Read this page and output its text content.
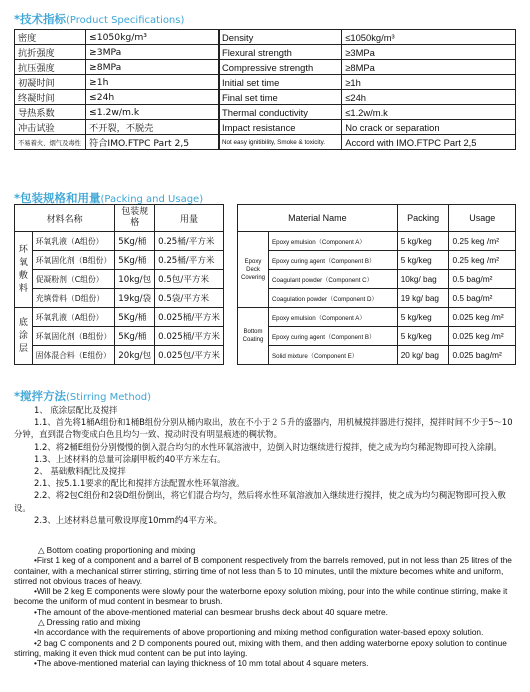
*技术指标(Product Specifications)
密度	≤1050kg/m³
抗折强度	≥3MPa
抗压强度	≥8MPa
初凝时间	≥1h
终凝时间	≤24h
导热系数	≤1.2w/m.k
冲击试验	不开裂，不脱壳
不易着火、烟气及毒性	符合IMO.FTPC Part 2,5
Density	≤1050kg/m³
Flexural strength	≥3MPa
Compressive strength	≥8MPa
Initial set time	≥1h
Final set time	≤24h
Thermal conductivity	≤1.2w/m.k
Impact resistance	No crack or separation
Not easy ignitibility, Smoke & toxicity.	Accord with IMO.FTPC Part 2,5
*包装规格和用量(Packing and Usage)
材料名称		包装规格	用量
环氧敷料	环氧乳液（A组份）	5Kg/桶	0.25桶/平方米
	环氧固化剂（B组份）	5Kg/桶	0.25桶/平方米
	促凝粉剂（C组份）	10kg/包	0.5包/平方米
	充填骨料（D组份）	19kg/袋	0.5袋/平方米
底涂层	环氧乳液（A组份）	5Kg/桶	0.025桶/平方米
	环氧固化剂（B组份）	5Kg/桶	0.025桶/平方米
	固体混合料（E组份）	20kg/包	0.025包/平方米
Material Name		Packing	Usage
Epoxy Deck Covering	Epoxy emulsion（Component A）	5 kg/keg	0.25 keg /m²
	Epoxy curing agent（Component B）	5 kg/keg	0.25 keg /m²
	Coagulant powder（Component C）	10kg/ bag	0.5 bag/m²
	Coagulation powder（Component D）	19 kg/ bag	0.5 bag/m²
Bottom Coating	Epoxy emulsion（Component A）	5 kg/keg	0.025 keg /m²
	Epoxy curing agent（Component B）	5 kg/keg	0.025 keg /m²
	Solid mixture（Component E）	20 kg/ bag	0.025 bag/m²
*搅拌方法(Stirring Method)

1、 底涂层配比及搅拌

1.1、首先将1桶A组份和1桶B组份分别从桶内取出，放在不小于２５升的盛器内，用机械搅拌器进行搅拌，搅拌时间不少于5～10分钟，直到混合物变成白色且均匀一致、搅动时没有明显痕迹的稠状物。

1.2、将2桶E组份分别慢慢的倒入混合均匀的水性环氧溶液中，边倒入时边继续进行搅拌，使之成为均匀稀泥物即可投入涂刷。

1.3、上述材料的总量可涂刷甲板约40平方米左右。

2、 基础敷料配比及搅拌

2.1、按5.1.1要求的配比和搅拌方法配置水性环氧溶液。

2.2、将2包C组份和2袋D组份倒出，将它们混合均匀，然后将水性环氧溶液加入继续进行搅拌，使之成为均匀稠泥物即可投入敷设。

2.3、上述材料总量可敷设厚度10mm约4平方米。

△ Bottom coating proportioning and mixing

•First 1 keg of a component and a barrel of B component respectively from the barrels removed, put in not less than 25 litres of the container, with a mechanical stirrer stirring, stirring time of not less than 5 to 10 minutes, until the mixture becomes white and uniform, stirred not obvious traces of heavy.

•Will be 2 keg E components were slowly pour the waterborne epoxy solution mixing, pour into the while continue stirring, make it become the uniform of mud content in besmear to brush.

•The amount of the above-mentioned material can besmear brushs deck about 40 square metre.

△ Dressing ratio and mixing

•In accordance with the requirements of above proportioning and mixing method configuration water-based epoxy solution.

•2 bag C components and 2 D components poured out, mixing with them, and then adding waterborne epoxy solution to continue stirring, making it even thick mud content can be put into laying.

•The above-mentioned material can laying thickness of 10 mm total about 4 square meters.
